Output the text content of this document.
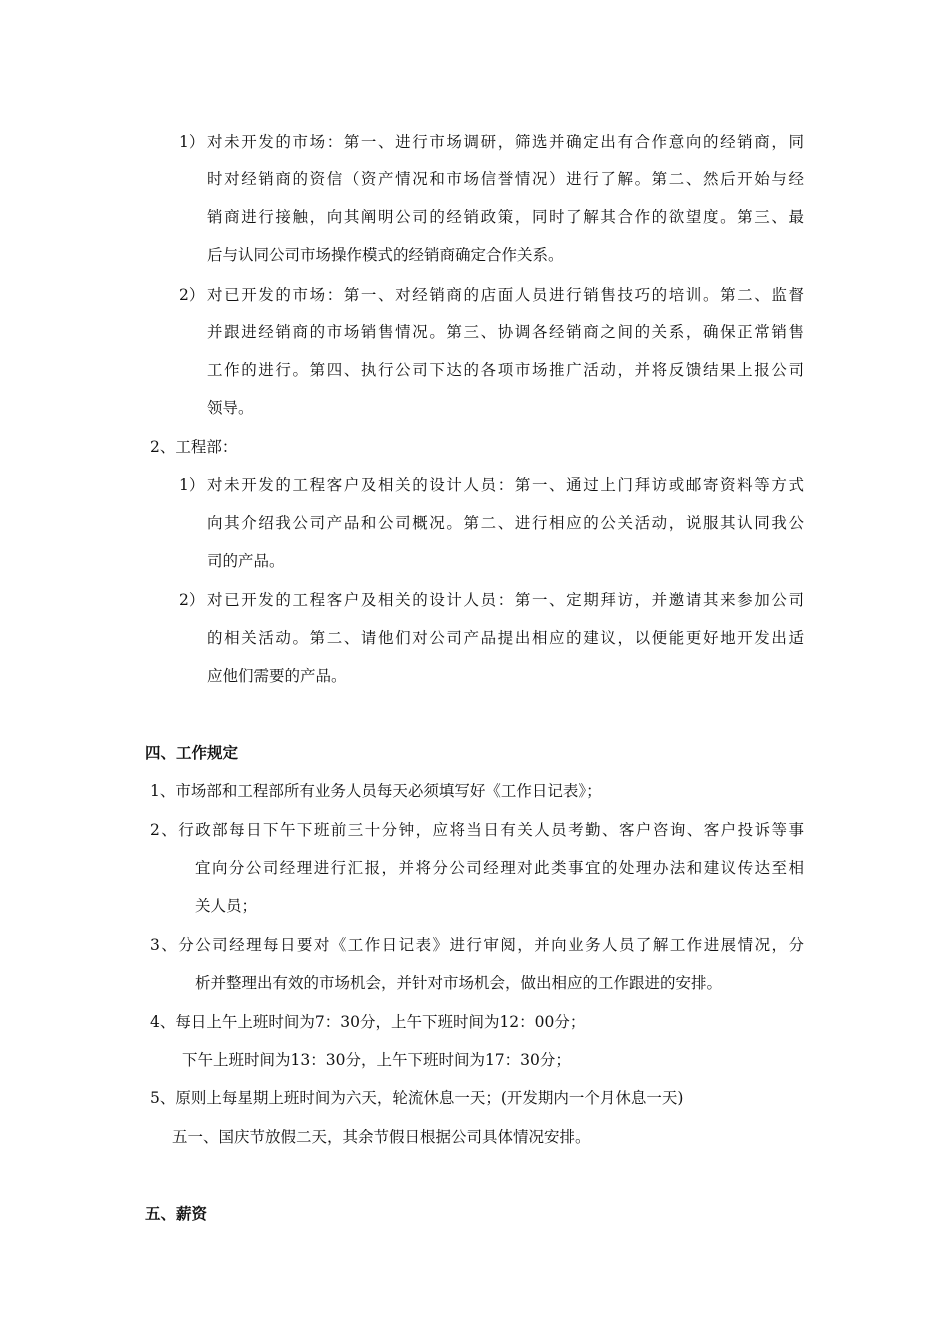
1） 对未开发的市场：第一、进行市场调研，筛选并确定出有合作意向的经销商，同
时对经销商的资信（资产情况和市场信誉情况）进行了解。第二、然后开始与经
销商进行接触，向其阐明公司的经销政策，同时了解其合作的欲望度。第三、最
后与认同公司市场操作模式的经销商确定合作关系。
2） 对已开发的市场：第一、对经销商的店面人员进行销售技巧的培训。第二、监督
并跟进经销商的市场销售情况。第三、协调各经销商之间的关系，确保正常销售
工作的进行。第四、执行公司下达的各项市场推广活动，并将反馈结果上报公司
领导。
2、工程部：
1） 对未开发的工程客户及相关的设计人员：第一、通过上门拜访或邮寄资料等方式
向其介绍我公司产品和公司概况。第二、进行相应的公关活动，说服其认同我公
司的产品。
2） 对已开发的工程客户及相关的设计人员：第一、定期拜访，并邀请其来参加公司
的相关活动。第二、请他们对公司产品提出相应的建议，以便能更好地开发出适
应他们需要的产品。
四、工作规定
1、市场部和工程部所有业务人员每天必须填写好《工作日记表》；
2、行政部每日下午下班前三十分钟，应将当日有关人员考勤、客户咨询、客户投诉等事
宜向分公司经理进行汇报，并将分公司经理对此类事宜的处理办法和建议传达至相
关人员；
3、分公司经理每日要对《工作日记表》进行审阅，并向业务人员了解工作进展情况，分
析并整理出有效的市场机会，并针对市场机会，做出相应的工作跟进的安排。
4、每日上午上班时间为7：30分，上午下班时间为12：00分；
下午上班时间为13：30分，上午下班时间为17：30分；
5、原则上每星期上班时间为六天，轮流休息一天；(开发期内一个月休息一天)
五一、国庆节放假二天，其余节假日根据公司具体情况安排。
五、薪资
